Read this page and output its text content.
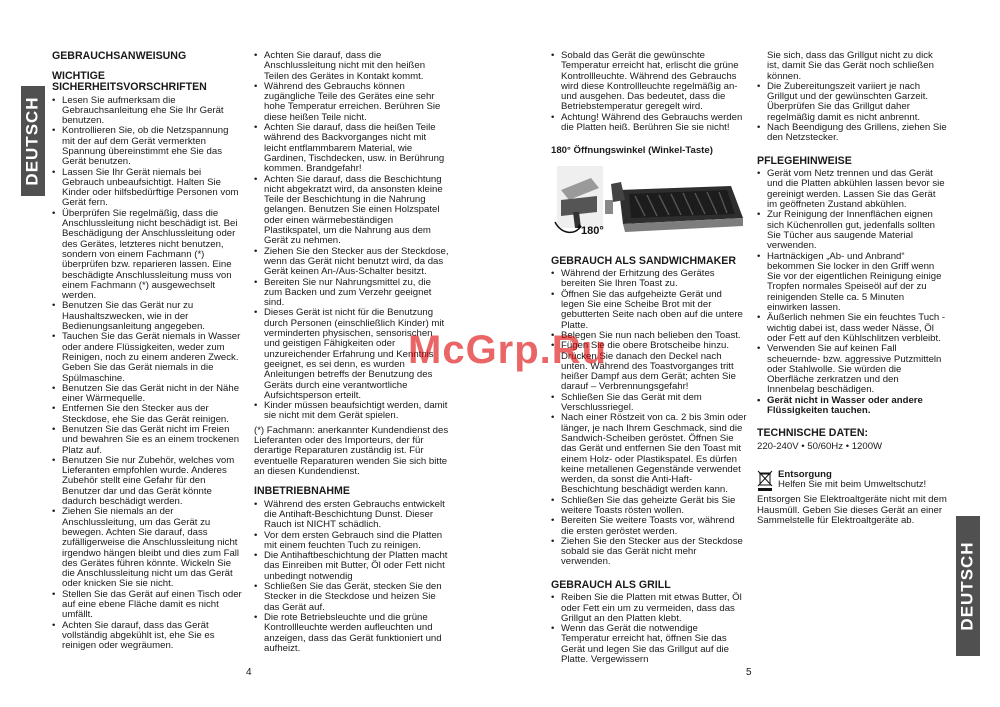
DEUTSCH
DEUTSCH
GEBRAUCHSANWEISUNG
WICHTIGE SICHERHEITSVORSCHRIFTEN
• Lesen Sie aufmerksam die Gebrauchsanleitung ehe Sie Ihr Gerät benutzen.
• Kontrollieren Sie, ob die Netzspannung mit der auf dem Gerät vermerkten Spannung übereinstimmt ehe Sie das Gerät benutzen.
• Lassen Sie Ihr Gerät niemals bei Gebrauch unbeaufsichtigt. Halten Sie Kinder oder hilfsbedürftige Personen vom Gerät fern.
• Überprüfen Sie regelmäßig, dass die Anschlussleitung nicht beschädigt ist. Bei Beschädigung der Anschlussleitung oder des Gerätes, letzteres nicht benutzen, sondern von einem Fachmann (*) überprüfen bzw. reparieren lassen. Eine beschädigte Anschlussleitung muss von einem Fachmann (*) ausgewechselt werden.
• Benutzen Sie das Gerät nur zu Haushaltszwecken, wie in der Bedienungsanleitung angegeben.
• Tauchen Sie das Gerät niemals in Wasser oder andere Flüssigkeiten, weder zum Reinigen, noch zu einem anderen Zweck. Geben Sie das Gerät niemals in die Spülmaschine.
• Benutzen Sie das Gerät nicht in der Nähe einer Wärmequelle.
• Entfernen Sie den Stecker aus der Steckdose, ehe Sie das Gerät reinigen.
• Benutzen Sie das Gerät nicht im Freien und bewahren Sie es an einem trockenen Platz auf.
• Benutzen Sie nur Zubehör, welches vom Lieferanten empfohlen wurde. Anderes Zubehör stellt eine Gefahr für den Benutzer dar und das Gerät könnte dadurch beschädigt werden.
• Ziehen Sie niemals an der Anschlussleitung, um das Gerät zu bewegen. Achten Sie darauf, dass zufälligerweise die Anschlussleitung nicht irgendwo hängen bleibt und dies zum Fall des Gerätes führen könnte. Wickeln Sie die Anschlussleitung nicht um das Gerät oder knicken Sie sie nicht.
• Stellen Sie das Gerät auf einen Tisch oder auf eine ebene Fläche damit es nicht umfällt.
• Achten Sie darauf, dass das Gerät vollständig abgekühlt ist, ehe Sie es reinigen oder wegräumen.
• Achten Sie darauf, dass die Anschlussleitung nicht mit den heißen Teilen des Gerätes in Kontakt kommt.
• Während des Gebrauchs können zugängliche Teile des Gerätes eine sehr hohe Temperatur erreichen. Berühren Sie diese heißen Teile nicht.
• Achten Sie darauf, dass die heißen Teile während des Backvorganges nicht mit leicht entflammbarem Material, wie Gardinen, Tischdecken, usw. in Berührung kommen. Brandgefahr!
• Achten Sie darauf, dass die Beschichtung nicht abgekratzt wird, da ansonsten kleine Teile der Beschichtung in die Nahrung gelangen. Benutzen Sie einen Holzspatel oder einen wärmebeständigen Plastikspatel, um die Nahrung aus dem Gerät zu nehmen.
• Ziehen Sie den Stecker aus der Steckdose, wenn das Gerät nicht benutzt wird, da das Gerät keinen An-/Aus-Schalter besitzt.
• Bereiten Sie nur Nahrungsmittel zu, die zum Backen und zum Verzehr geeignet sind.
• Dieses Gerät ist nicht für die Benutzung durch Personen (einschließlich Kinder) mit verminderten physischen, sensorischen und geistigen Fähigkeiten oder unzureichender Erfahrung und Kenntnis geeignet, es sei denn, es wurden Anleitungen betreffs der Benutzung des Geräts durch eine verantwortliche Aufsichtsperson erteilt.
• Kinder müssen beaufsichtigt werden, damit sie nicht mit dem Gerät spielen.

(*) Fachmann: anerkannter Kundendienst des Lieferanten oder des Importeurs, der für derartige Reparaturen zuständig ist. Für eventuelle Reparaturen wenden Sie sich bitte an diesen Kundendienst.

INBETRIEBNAHME
• Während des ersten Gebrauchs entwickelt die Antihaft-Beschichtung Dunst. Dieser Rauch ist NICHT schädlich.
• Vor dem ersten Gebrauch sind die Platten mit einem feuchten Tuch zu reinigen.
• Die Antihaftbeschichtung der Platten macht das Einreiben mit Butter, Öl oder Fett nicht unbedingt notwendig
• Schließen Sie das Gerät, stecken Sie den Stecker in die Steckdose und heizen Sie das Gerät auf.
• Die rote Betriebsleuchte und die grüne Kontrollleuchte werden aufleuchten und anzeigen, dass das Gerät funktioniert und aufheizt.
• Sobald das Gerät die gewünschte Temperatur erreicht hat, erlischt die grüne Kontrollleuchte. Während des Gebrauchs wird diese Kontrollleuchte regelmäßig an- und ausgehen. Das bedeutet, dass die Betriebstemperatur geregelt wird.
• Achtung! Während des Gebrauchs werden die Platten heiß. Berühren Sie sie nicht!

180° Öffnungswinkel (Winkel-Taste)

180°
GEBRAUCH ALS SANDWICHMAKER
• Während der Erhitzung des Gerätes bereiten Sie Ihren Toast zu.
• Öffnen Sie das aufgeheizte Gerät und legen Sie eine Scheibe Brot mit der gebutterten Seite nach oben auf die untere Platte.
• Belegen Sie nun nach belieben den Toast.
• Fügen Sie die obere Brotscheibe hinzu. Drücken Sie danach den Deckel nach unten. Während des Toastvorganges tritt heißer Dampf aus dem Gerät; achten Sie darauf – Verbrennungsgefahr!
• Schließen Sie das Gerät mit dem Verschlussriegel.
• Nach einer Röstzeit von ca. 2 bis 3min oder länger, je nach Ihrem Geschmack, sind die Sandwich-Scheiben geröstet. Öffnen Sie das Gerät und entfernen Sie den Toast mit einem Holz- oder Plastikspatel. Es dürfen keine metallenen Gegenstände verwendet werden, da sonst die Anti-Haft-Beschichtung beschädigt werden kann.
• Schließen Sie das geheizte Gerät bis Sie weitere Toasts rösten wollen.
• Bereiten Sie weitere Toasts vor, während die ersten geröstet werden.
• Ziehen Sie den Stecker aus der Steckdose sobald sie das Gerät nicht mehr verwenden.
GEBRAUCH ALS GRILL
• Reiben Sie die Platten mit etwas Butter, Öl oder Fett ein um zu vermeiden, dass das Grillgut an den Platten klebt.
• Wenn das Gerät die notwendige Temperatur erreicht hat, öffnen Sie das Gerät und legen Sie das Grillgut auf die Platte. Vergewissern

Sie sich, dass das Grillgut nicht zu dick ist, damit Sie das Gerät noch schließen können.

• Die Zubereitungszeit variiert je nach Grillgut und der gewünschten Garzeit. Überprüfen Sie das Grillgut daher regelmäßig damit es nicht anbrennt.
• Nach Beendigung des Grillens, ziehen Sie den Netzstecker.
PFLEGEHINWEISE
• Gerät vom Netz trennen und das Gerät und die Platten abkühlen lassen bevor sie gereinigt werden. Lassen Sie das Gerät im geöffneten Zustand abkühlen.
• Zur Reinigung der Innenflächen eignen sich Küchenrollen gut, jedenfalls sollten Sie Tücher aus saugende Material verwenden.
• Hartnäckigen „Ab- und Anbrand“ bekommen Sie locker in den Griff wenn Sie vor der eigentlichen Reinigung einige Tropfen normales Speiseöl auf der zu reinigenden Stelle ca. 5 Minuten einwirken lassen.
• Äußerlich nehmen Sie ein feuchtes Tuch - wichtig dabei ist, dass weder Nässe, Öl oder Fett auf den Kühlschlitzen verbleibt.
• Verwenden Sie auf keinen Fall scheuernde- bzw. aggressive Putzmitteln oder Stahlwolle. Sie würden die Oberfläche zerkratzen und den Innenbelag beschädigen.
• Gerät nicht in Wasser oder andere Flüssigkeiten tauchen.
TECHNISCHE DATEN:

220-240V • 50/60Hz • 1200W

Entsorgung

Helfen Sie mit beim Umweltschutz!

Entsorgen Sie Elektroaltgeräte nicht mit dem Hausmüll. Geben Sie dieses Gerät an einer Sammelstelle für Elektroaltgeräte ab.

McGrp.Ru
4	5
